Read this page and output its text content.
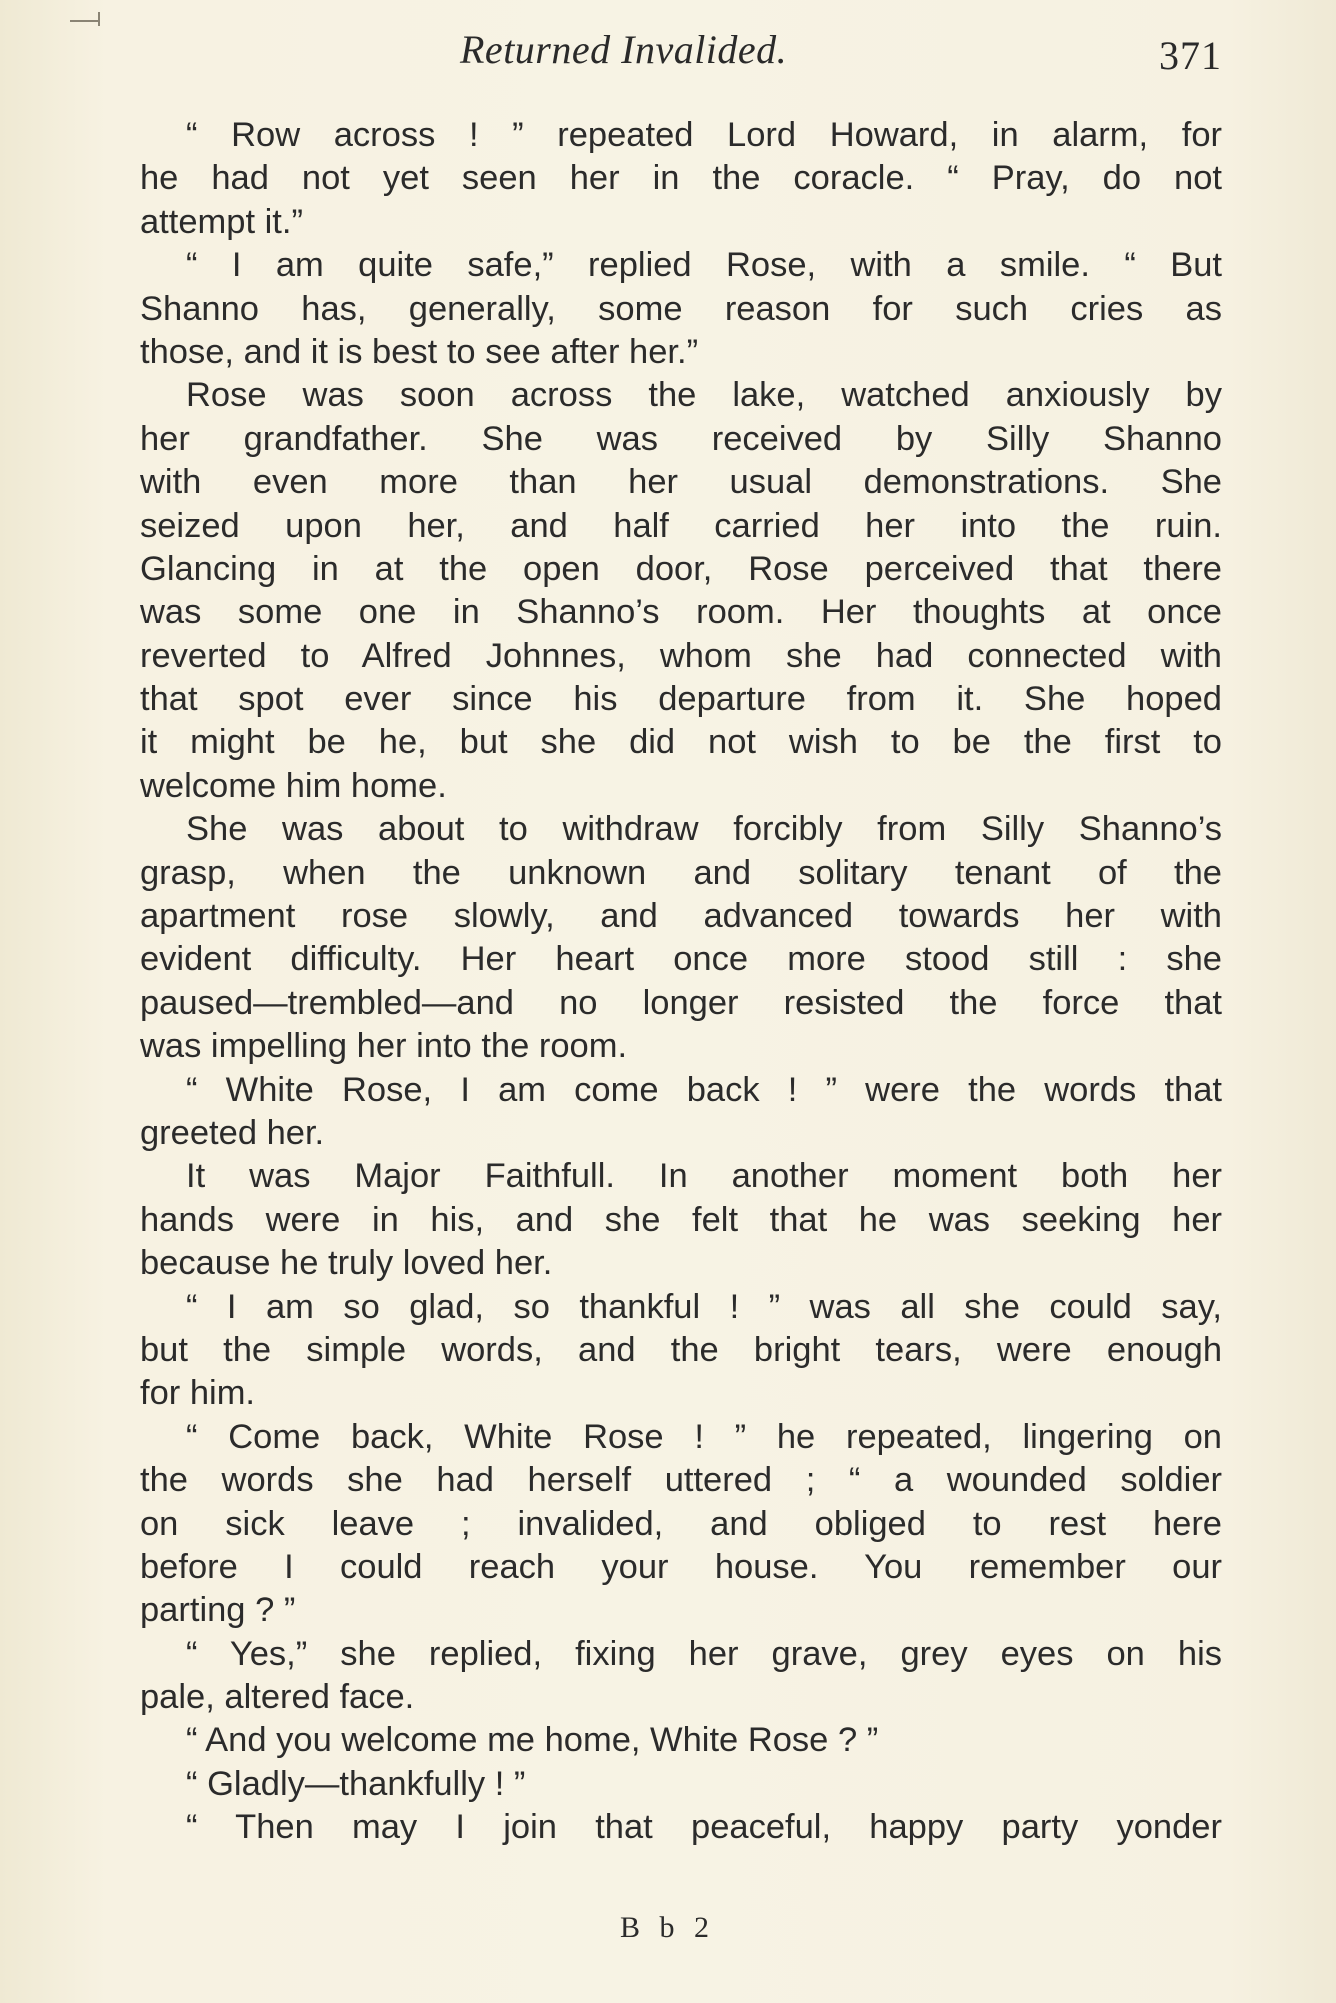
Returned Invalided.	371
“ Row across ! ” repeated Lord Howard, in alarm, for
he had not yet seen her in the coracle. “ Pray, do not
attempt it.”
“ I am quite safe,” replied Rose, with a smile. “ But
Shanno has, generally, some reason for such cries as
those, and it is best to see after her.”
Rose was soon across the lake, watched anxiously by
her grandfather. She was received by Silly Shanno
with even more than her usual demonstrations. She
seized upon her, and half carried her into the ruin.
Glancing in at the open door, Rose perceived that there
was some one in Shanno’s room. Her thoughts at once
reverted to Alfred Johnnes, whom she had connected with
that spot ever since his departure from it. She hoped
it might be he, but she did not wish to be the first to
welcome him home.
She was about to withdraw forcibly from Silly Shanno’s
grasp, when the unknown and solitary tenant of the
apartment rose slowly, and advanced towards her with
evident difficulty. Her heart once more stood still : she
paused—trembled—and no longer resisted the force that
was impelling her into the room.
“ White Rose, I am come back ! ” were the words that
greeted her.
It was Major Faithfull. In another moment both her
hands were in his, and she felt that he was seeking her
because he truly loved her.
“ I am so glad, so thankful ! ” was all she could say,
but the simple words, and the bright tears, were enough
for him.
“ Come back, White Rose ! ” he repeated, lingering on
the words she had herself uttered ; “ a wounded soldier
on sick leave ; invalided, and obliged to rest here
before I could reach your house. You remember our
parting ? ”
“ Yes,” she replied, fixing her grave, grey eyes on his
pale, altered face.
“ And you welcome me home, White Rose ? ”
“ Gladly—thankfully ! ”
“ Then may I join that peaceful, happy party yonder
B b 2
